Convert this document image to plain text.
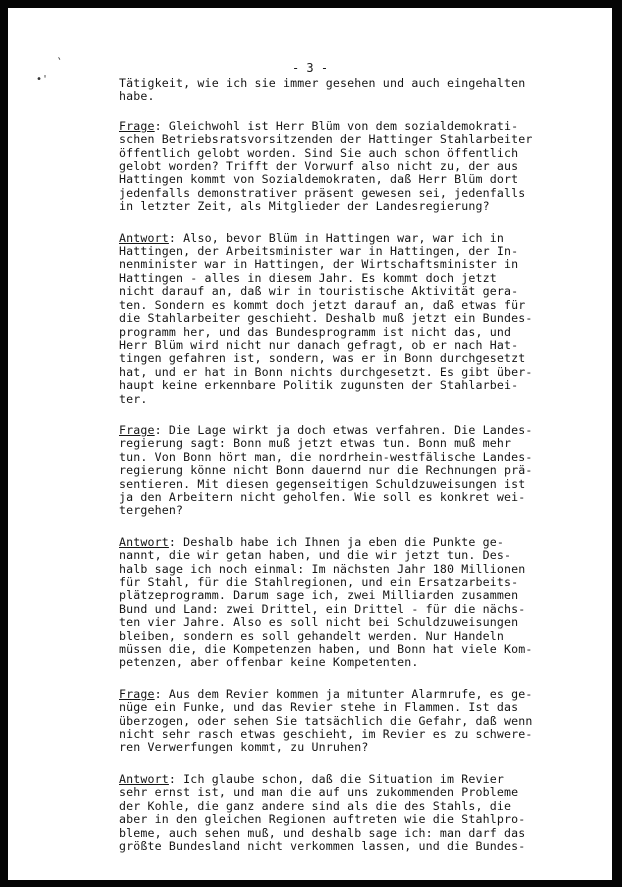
'
•'
- 3 -

Tätigkeit, wie ich sie immer gesehen und auch eingehalten
habe.

Frage: Gleichwohl ist Herr Blüm von dem sozialdemokrati-
schen Betriebsratsvorsitzenden der Hattinger Stahlarbeiter
öffentlich gelobt worden. Sind Sie auch schon öffentlich
gelobt worden? Trifft der Vorwurf also nicht zu, der aus
Hattingen kommt von Sozialdemokraten, daß Herr Blüm dort
jedenfalls demonstrativer präsent gewesen sei, jedenfalls
in letzter Zeit, als Mitglieder der Landesregierung?

Antwort: Also, bevor Blüm in Hattingen war, war ich in
Hattingen, der Arbeitsminister war in Hattingen, der In-
nenminister war in Hattingen, der Wirtschaftsminister in
Hattingen - alles in diesem Jahr. Es kommt doch jetzt
nicht darauf an, daß wir in touristische Aktivität gera-
ten. Sondern es kommt doch jetzt darauf an, daß etwas für
die Stahlarbeiter geschieht. Deshalb muß jetzt ein Bundes-
programm her, und das Bundesprogramm ist nicht das, und
Herr Blüm wird nicht nur danach gefragt, ob er nach Hat-
tingen gefahren ist, sondern, was er in Bonn durchgesetzt
hat, und er hat in Bonn nichts durchgesetzt. Es gibt über-
haupt keine erkennbare Politik zugunsten der Stahlarbei-
ter.

Frage: Die Lage wirkt ja doch etwas verfahren. Die Landes-
regierung sagt: Bonn muß jetzt etwas tun. Bonn muß mehr
tun. Von Bonn hört man, die nordrhein-westfälische Landes-
regierung könne nicht Bonn dauernd nur die Rechnungen prä-
sentieren. Mit diesen gegenseitigen Schuldzuweisungen ist
ja den Arbeitern nicht geholfen. Wie soll es konkret wei-
tergehen?

Antwort: Deshalb habe ich Ihnen ja eben die Punkte ge-
nannt, die wir getan haben, und die wir jetzt tun. Des-
halb sage ich noch einmal: Im nächsten Jahr 180 Millionen
für Stahl, für die Stahlregionen, und ein Ersatzarbeits-
plätzeprogramm. Darum sage ich, zwei Milliarden zusammen
Bund und Land: zwei Drittel, ein Drittel - für die nächs-
ten vier Jahre. Also es soll nicht bei Schuldzuweisungen
bleiben, sondern es soll gehandelt werden. Nur Handeln
müssen die, die Kompetenzen haben, und Bonn hat viele Kom-
petenzen, aber offenbar keine Kompetenten.

Frage: Aus dem Revier kommen ja mitunter Alarmrufe, es ge-
nüge ein Funke, und das Revier stehe in Flammen. Ist das
überzogen, oder sehen Sie tatsächlich die Gefahr, daß wenn
nicht sehr rasch etwas geschieht, im Revier es zu schwere-
ren Verwerfungen kommt, zu Unruhen?

Antwort: Ich glaube schon, daß die Situation im Revier
sehr ernst ist, und man die auf uns zukommenden Probleme
der Kohle, die ganz andere sind als die des Stahls, die
aber in den gleichen Regionen auftreten wie die Stahlpro-
bleme, auch sehen muß, und deshalb sage ich: man darf das
größte Bundesland nicht verkommen lassen, und die Bundes-
